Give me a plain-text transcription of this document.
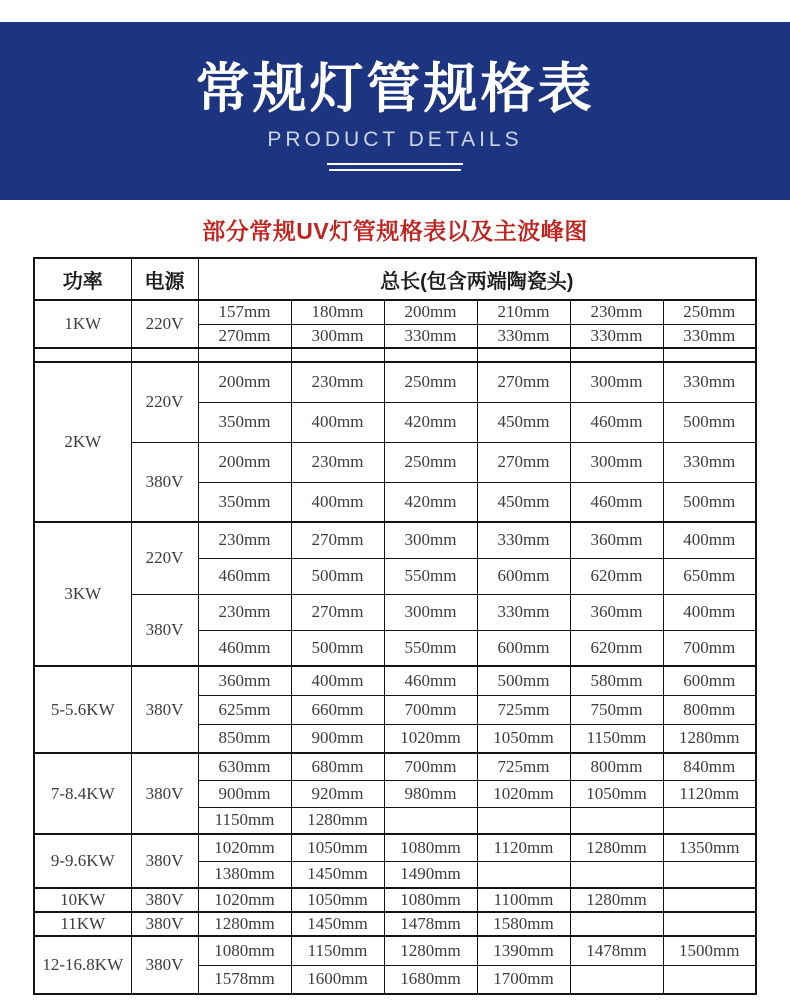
常规灯管规格表
PRODUCT DETAILS
部分常规UV灯管规格表以及主波峰图
功率	电源	总长(包含两端陶瓷头)					
1KW	220V	157mm	180mm	200mm	210mm	230mm	250mm
		270mm	300mm	330mm	330mm	330mm	330mm

2KW	220V	200mm	230mm	250mm	270mm	300mm	330mm
		350mm	400mm	420mm	450mm	460mm	500mm
	380V	200mm	230mm	250mm	270mm	300mm	330mm
		350mm	400mm	420mm	450mm	460mm	500mm
3KW	220V	230mm	270mm	300mm	330mm	360mm	400mm
		460mm	500mm	550mm	600mm	620mm	650mm
	380V	230mm	270mm	300mm	330mm	360mm	400mm
		460mm	500mm	550mm	600mm	620mm	700mm
5-5.6KW	380V	360mm	400mm	460mm	500mm	580mm	600mm
		625mm	660mm	700mm	725mm	750mm	800mm
		850mm	900mm	1020mm	1050mm	1150mm	1280mm
7-8.4KW	380V	630mm	680mm	700mm	725mm	800mm	840mm
		900mm	920mm	980mm	1020mm	1050mm	1120mm
		1150mm	1280mm				
9-9.6KW	380V	1020mm	1050mm	1080mm	1120mm	1280mm	1350mm
		1380mm	1450mm	1490mm			
10KW	380V	1020mm	1050mm	1080mm	1100mm	1280mm	
11KW	380V	1280mm	1450mm	1478mm	1580mm		
12-16.8KW	380V	1080mm	1150mm	1280mm	1390mm	1478mm	1500mm
		1578mm	1600mm	1680mm	1700mm		
